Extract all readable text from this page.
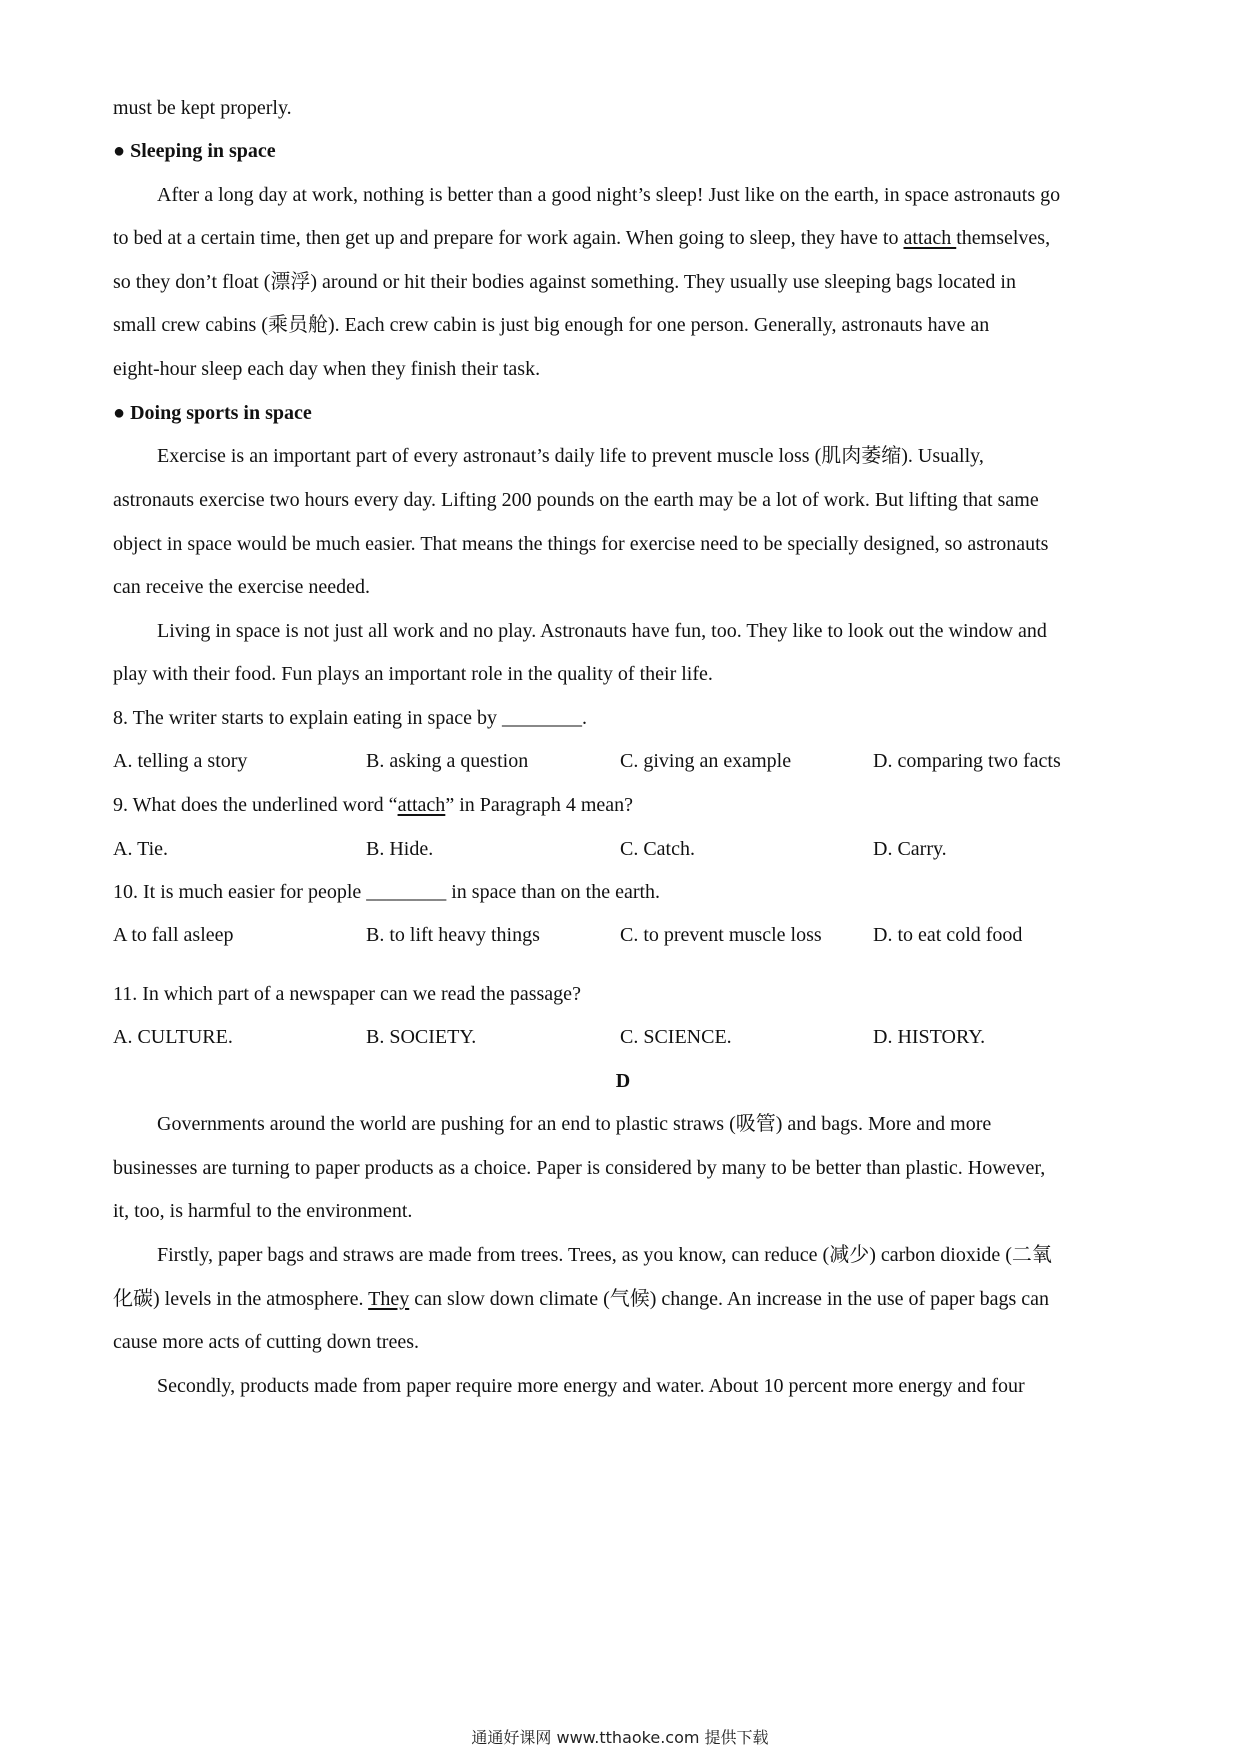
must be kept properly.
● Sleeping in space
After a long day at work, nothing is better than a good night’s sleep! Just like on the earth, in space astronauts go
to bed at a certain time, then get up and prepare for work again. When going to sleep, they have to attach themselves,
so they don’t float (漂浮) around or hit their bodies against something. They usually use sleeping bags located in
small crew cabins (乘员舱). Each crew cabin is just big enough for one person. Generally, astronauts have an
eight-hour sleep each day when they finish their task.
● Doing sports in space
Exercise is an important part of every astronaut’s daily life to prevent muscle loss (肌肉萎缩). Usually,
astronauts exercise two hours every day. Lifting 200 pounds on the earth may be a lot of work. But lifting that same
object in space would be much easier. That means the things for exercise need to be specially designed, so astronauts
can receive the exercise needed.
Living in space is not just all work and no play. Astronauts have fun, too. They like to look out the window and
play with their food. Fun plays an important role in the quality of their life.
8. The writer starts to explain eating in space by ________.
A. telling a story	B. asking a question	C. giving an example	D. comparing two facts
9. What does the underlined word “attach” in Paragraph 4 mean?
A. Tie.	B. Hide.	C. Catch.	D. Carry.
10. It is much easier for people ________ in space than on the earth.
A to fall asleep	B. to lift heavy things	C. to prevent muscle loss	D. to eat cold food
11. In which part of a newspaper can we read the passage?
A. CULTURE.	B. SOCIETY.	C. SCIENCE.	D. HISTORY.
D
Governments around the world are pushing for an end to plastic straws (吸管) and bags. More and more
businesses are turning to paper products as a choice. Paper is considered by many to be better than plastic. However,
it, too, is harmful to the environment.
Firstly, paper bags and straws are made from trees. Trees, as you know, can reduce (减少) carbon dioxide (二氧
化碳) levels in the atmosphere. They can slow down climate (气候) change. An increase in the use of paper bags can
cause more acts of cutting down trees.
Secondly, products made from paper require more energy and water. About 10 percent more energy and four
通通好课网 www.tthaoke.com 提供下载
